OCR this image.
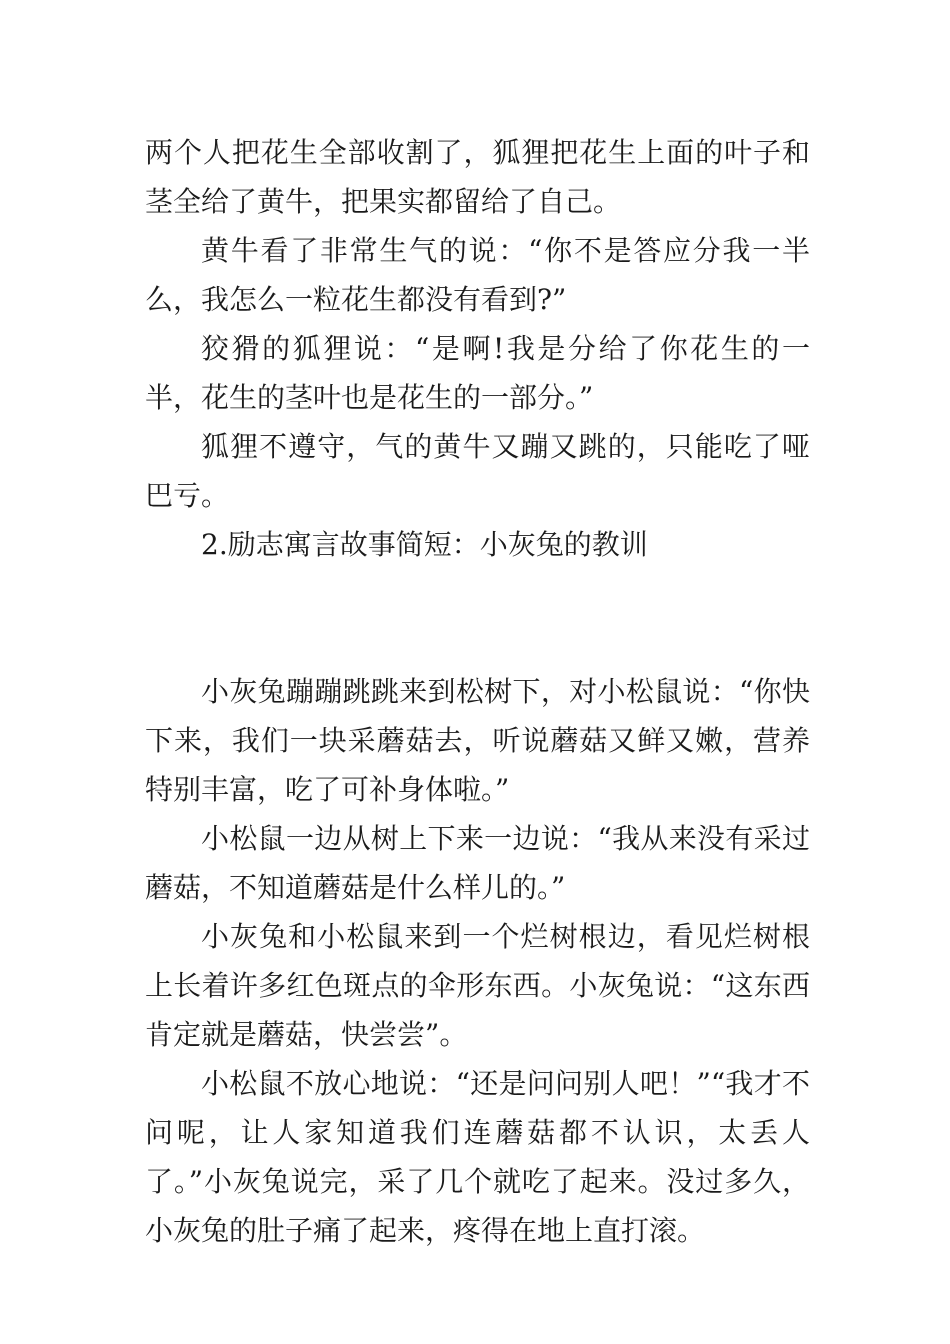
两个人把花生全部收割了，狐狸把花生上面的叶子和茎全给了黄牛，把果实都留给了自己。

黄牛看了非常生气的说：“你不是答应分我一半么，我怎么一粒花生都没有看到?”

狡猾的狐狸说：“是啊!我是分给了你花生的一半，花生的茎叶也是花生的一部分。”

狐狸不遵守，气的黄牛又蹦又跳的，只能吃了哑巴亏。

2.励志寓言故事简短：小灰兔的教训

小灰兔蹦蹦跳跳来到松树下，对小松鼠说：“你快下来，我们一块采蘑菇去，听说蘑菇又鲜又嫩，营养特别丰富，吃了可补身体啦。”

小松鼠一边从树上下来一边说：“我从来没有采过蘑菇，不知道蘑菇是什么样儿的。”

小灰兔和小松鼠来到一个烂树根边，看见烂树根上长着许多红色斑点的伞形东西。小灰兔说：“这东西肯定就是蘑菇，快尝尝”。

小松鼠不放心地说：“还是问问别人吧！”“我才不问呢，让人家知道我们连蘑菇都不认识，太丢人了。”小灰兔说完，采了几个就吃了起来。没过多久，小灰兔的肚子痛了起来，疼得在地上直打滚。
